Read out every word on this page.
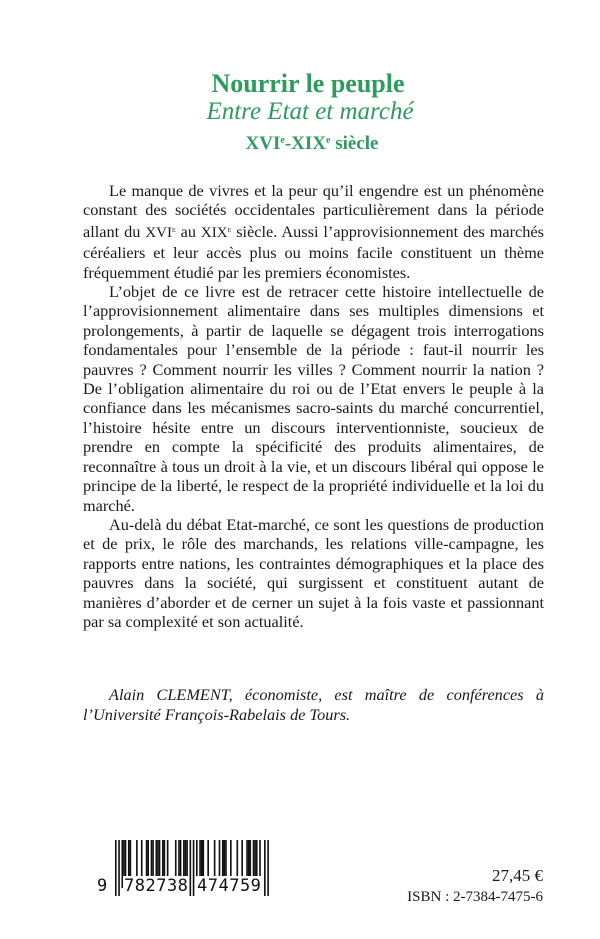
Nourrir le peuple
Entre Etat et marché
XVIe-XIXe siècle

Le manque de vivres et la peur qu’il engendre est un phénomène constant des sociétés occidentales particulièrement dans la période allant du XVIe au XIXe siècle. Aussi l’approvisionnement des marchés céréaliers et leur accès plus ou moins facile constituent un thème fréquemment étudié par les premiers économistes.

L’objet de ce livre est de retracer cette histoire intellectuelle de l’approvisionnement alimentaire dans ses multiples dimensions et prolongements, à partir de laquelle se dégagent trois interrogations fondamentales pour l’ensemble de la période : faut-il nourrir les pauvres ? Comment nourrir les villes ? Comment nourrir la nation ? De l’obligation alimentaire du roi ou de l’Etat envers le peuple à la confiance dans les mécanismes sacro-saints du marché concurrentiel, l’histoire hésite entre un discours interventionniste, soucieux de prendre en compte la spécificité des produits alimentaires, de reconnaître à tous un droit à la vie, et un discours libéral qui oppose le principe de la liberté, le respect de la propriété individuelle et la loi du marché.

Au-delà du débat Etat-marché, ce sont les questions de production et de prix, le rôle des marchands, les relations ville-campagne, les rapports entre nations, les contraintes démographiques et la place des pauvres dans la société, qui surgissent et constituent autant de manières d’aborder et de cerner un sujet à la fois vaste et passionnant par sa complexité et son actualité.

Alain CLEMENT, économiste, est maître de conférences à l’Université François-Rabelais de Tours.

9 782738 474759
27,45 €
ISBN : 2-7384-7475-6
